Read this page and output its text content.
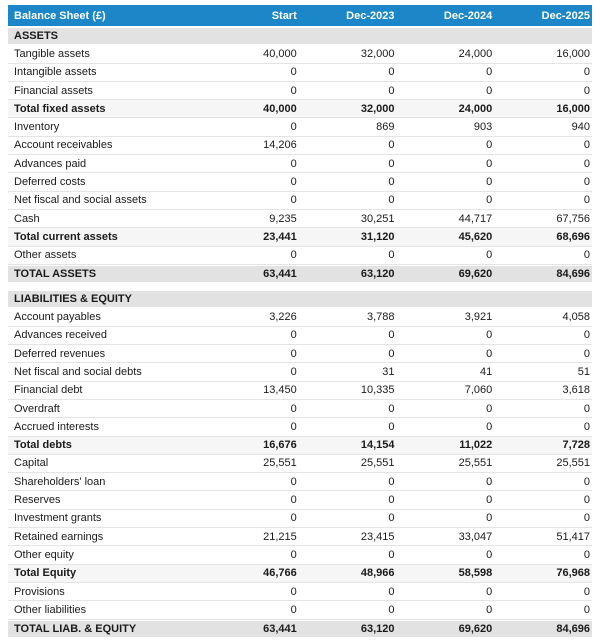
Balance Sheet (£)	Start	Dec-2023	Dec-2024	Dec-2025
ASSETS
Tangible assets	40,000	32,000	24,000	16,000
Intangible assets	0	0	0	0
Financial assets	0	0	0	0
Total fixed assets	40,000	32,000	24,000	16,000
Inventory	0	869	903	940
Account receivables	14,206	0	0	0
Advances paid	0	0	0	0
Deferred costs	0	0	0	0
Net fiscal and social assets	0	0	0	0
Cash	9,235	30,251	44,717	67,756
Total current assets	23,441	31,120	45,620	68,696
Other assets	0	0	0	0
TOTAL ASSETS	63,441	63,120	69,620	84,696
LIABILITIES & EQUITY
Account payables	3,226	3,788	3,921	4,058
Advances received	0	0	0	0
Deferred revenues	0	0	0	0
Net fiscal and social debts	0	31	41	51
Financial debt	13,450	10,335	7,060	3,618
Overdraft	0	0	0	0
Accrued interests	0	0	0	0
Total debts	16,676	14,154	11,022	7,728
Capital	25,551	25,551	25,551	25,551
Shareholders' loan	0	0	0	0
Reserves	0	0	0	0
Investment grants	0	0	0	0
Retained earnings	21,215	23,415	33,047	51,417
Other equity	0	0	0	0
Total Equity	46,766	48,966	58,598	76,968
Provisions	0	0	0	0
Other liabilities	0	0	0	0
TOTAL LIAB. & EQUITY	63,441	63,120	69,620	84,696
